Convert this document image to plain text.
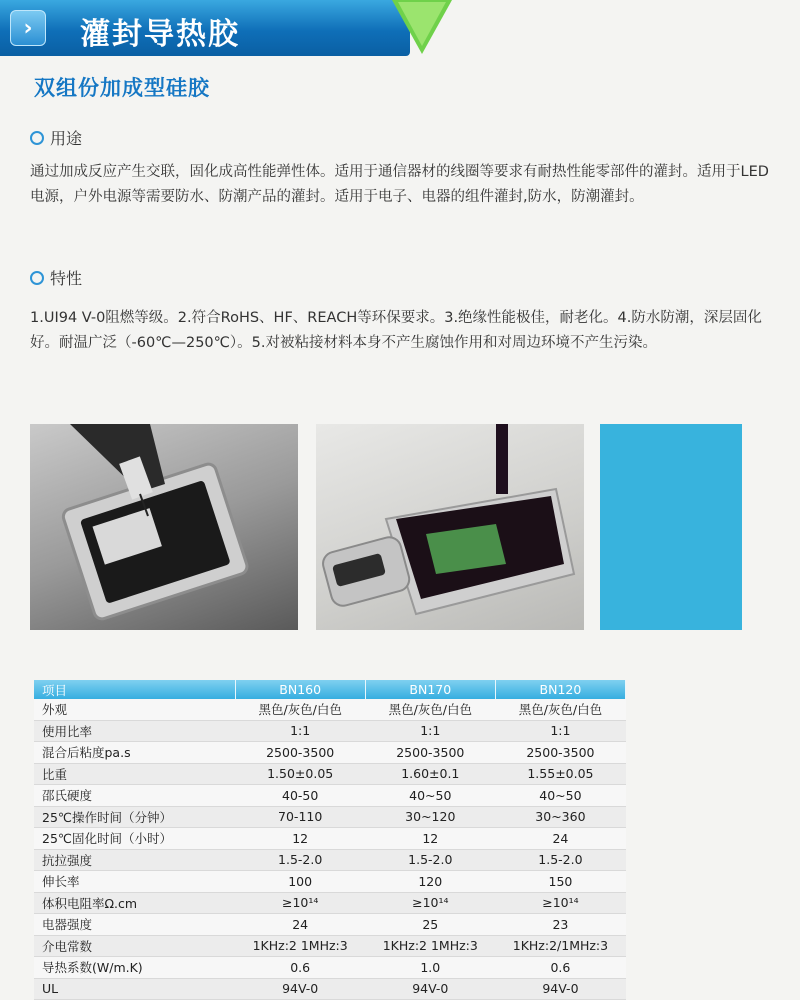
›	灌封导热胶
双组份加成型硅胶
用途
通过加成反应产生交联，固化成高性能弹性体。适用于通信器材的线圈等要求有耐热性能零部件的灌封。适用于LED电源，户外电源等需要防水、防潮产品的灌封。适用于电子、电器的组件灌封,防水，防潮灌封。
特性
1.UI94 V-0阻燃等级。2.符合RoHS、HF、REACH等环保要求。3.绝缘性能极佳，耐老化。4.防水防潮，深层固化好。耐温广泛（-60℃—250℃）。5.对被粘接材料本身不产生腐蚀作用和对周边环境不产生污染。
项目	BN160	BN170	BN120
外观	黑色/灰色/白色	黑色/灰色/白色	黑色/灰色/白色
使用比率	1:1	1:1	1:1
混合后粘度pa.s	2500-3500	2500-3500	2500-3500
比重	1.50±0.05	1.60±0.1	1.55±0.05
邵氏硬度	40-50	40~50	40~50
25℃操作时间（分钟）	70-110	30~120	30~360
25℃固化时间（小时）	12	12	24
抗拉强度	1.5-2.0	1.5-2.0	1.5-2.0
伸长率	100	120	150
体积电阻率Ω.cm	≥10¹⁴	≥10¹⁴	≥10¹⁴
电器强度	24	25	23
介电常数	1KHz:2 1MHz:3	1KHz:2 1MHz:3	1KHz:2/1MHz:3
导热系数(W/m.K)	0.6	1.0	0.6
UL	94V-0	94V-0	94V-0
